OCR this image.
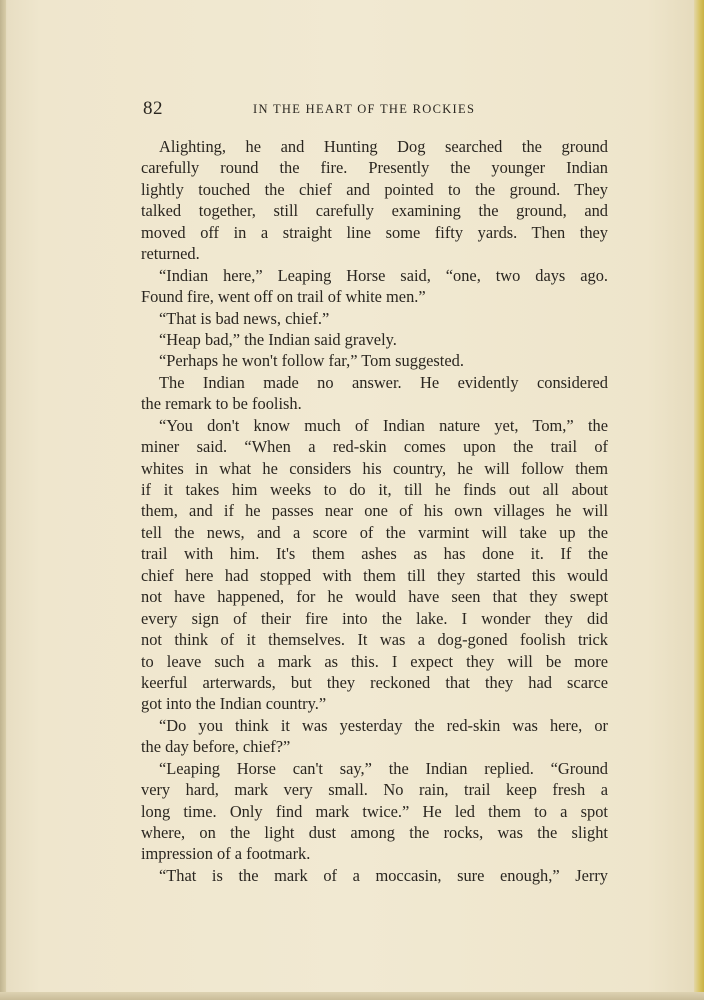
82	IN THE HEART OF THE ROCKIES
Alighting, he and Hunting Dog searched the ground
carefully round the fire. Presently the younger Indian
lightly touched the chief and pointed to the ground. They
talked together, still carefully examining the ground, and
moved off in a straight line some fifty yards. Then they
returned.
“Indian here,” Leaping Horse said, “one, two days ago.
Found fire, went off on trail of white men.”
“That is bad news, chief.”
“Heap bad,” the Indian said gravely.
“Perhaps he won't follow far,” Tom suggested.
The Indian made no answer. He evidently considered
the remark to be foolish.
“You don't know much of Indian nature yet, Tom,” the
miner said. “When a red-skin comes upon the trail of
whites in what he considers his country, he will follow them
if it takes him weeks to do it, till he finds out all about
them, and if he passes near one of his own villages he will
tell the news, and a score of the varmint will take up the
trail with him. It's them ashes as has done it. If the
chief here had stopped with them till they started this would
not have happened, for he would have seen that they swept
every sign of their fire into the lake. I wonder they did
not think of it themselves. It was a dog-goned foolish trick
to leave such a mark as this. I expect they will be more
keerful arterwards, but they reckoned that they had scarce
got into the Indian country.”
“Do you think it was yesterday the red-skin was here, or
the day before, chief?”
“Leaping Horse can't say,” the Indian replied. “Ground
very hard, mark very small. No rain, trail keep fresh a
long time. Only find mark twice.” He led them to a spot
where, on the light dust among the rocks, was the slight
impression of a footmark.
“That is the mark of a moccasin, sure enough,” Jerry
